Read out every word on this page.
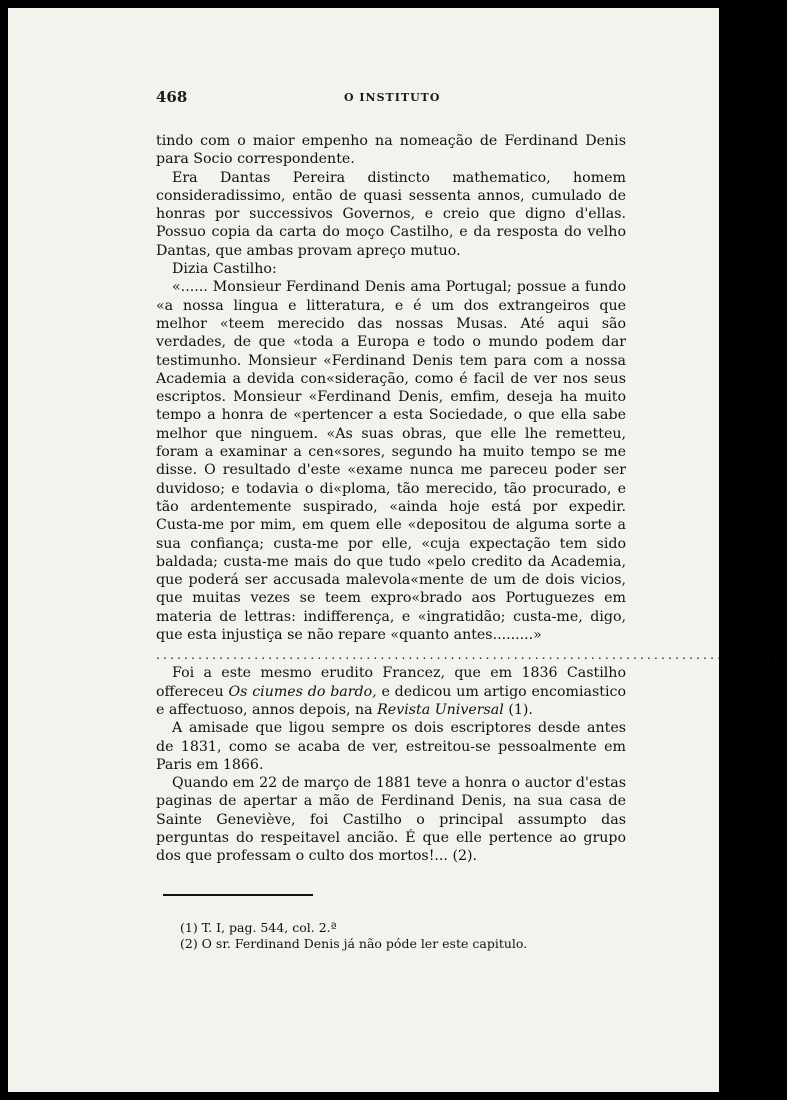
468	O INSTITUTO

tindo com o maior empenho na nomeação de Ferdinand Denis para Socio correspondente.

Era Dantas Pereira distincto mathematico, homem consideradissimo, então de quasi sessenta annos, cumulado de honras por successivos Governos, e creio que digno d'ellas. Possuo copia da carta do moço Castilho, e da resposta do velho Dantas, que ambas provam apreço mutuo.

Dizia Castilho:

«...... Monsieur Ferdinand Denis ama Portugal; possue a fundo «a nossa lingua e litteratura, e é um dos extrangeiros que melhor «teem merecido das nossas Musas. Até aqui são verdades, de que «toda a Europa e todo o mundo podem dar testimunho. Monsieur «Ferdinand Denis tem para com a nossa Academia a devida con«sideração, como é facil de ver nos seus escriptos. Monsieur «Ferdinand Denis, emfim, deseja ha muito tempo a honra de «pertencer a esta Sociedade, o que ella sabe melhor que ninguem. «As suas obras, que elle lhe remetteu, foram a examinar a cen«sores, segundo ha muito tempo se me disse. O resultado d'este «exame nunca me pareceu poder ser duvidoso; e todavia o di«ploma, tão merecido, tão procurado, e tão ardentemente suspirado, «ainda hoje está por expedir. Custa-me por mim, em quem elle «depositou de alguma sorte a sua confiança; custa-me por elle, «cuja expectação tem sido baldada; custa-me mais do que tudo «pelo credito da Academia, que poderá ser accusada malevola«mente de um de dois vicios, que muitas vezes se teem expro«brado aos Portuguezes em materia de lettras: indifferença, e «ingratidão; custa-me, digo, que esta injustiça se não repare «quanto antes.........»

..........................................................................................

Foi a este mesmo erudito Francez, que em 1836 Castilho offereceu Os ciumes do bardo, e dedicou um artigo encomiastico e affectuoso, annos depois, na Revista Universal (1).

A amisade que ligou sempre os dois escriptores desde antes de 1831, como se acaba de ver, estreitou-se pessoalmente em Paris em 1866.

Quando em 22 de março de 1881 teve a honra o auctor d'estas paginas de apertar a mão de Ferdinand Denis, na sua casa de Sainte Geneviève, foi Castilho o principal assumpto das perguntas do respeitavel ancião. É que elle pertence ao grupo dos que professam o culto dos mortos!... (2).

(1) T. I, pag. 544, col. 2.ª

(2) O sr. Ferdinand Denis já não póde ler este capitulo.
